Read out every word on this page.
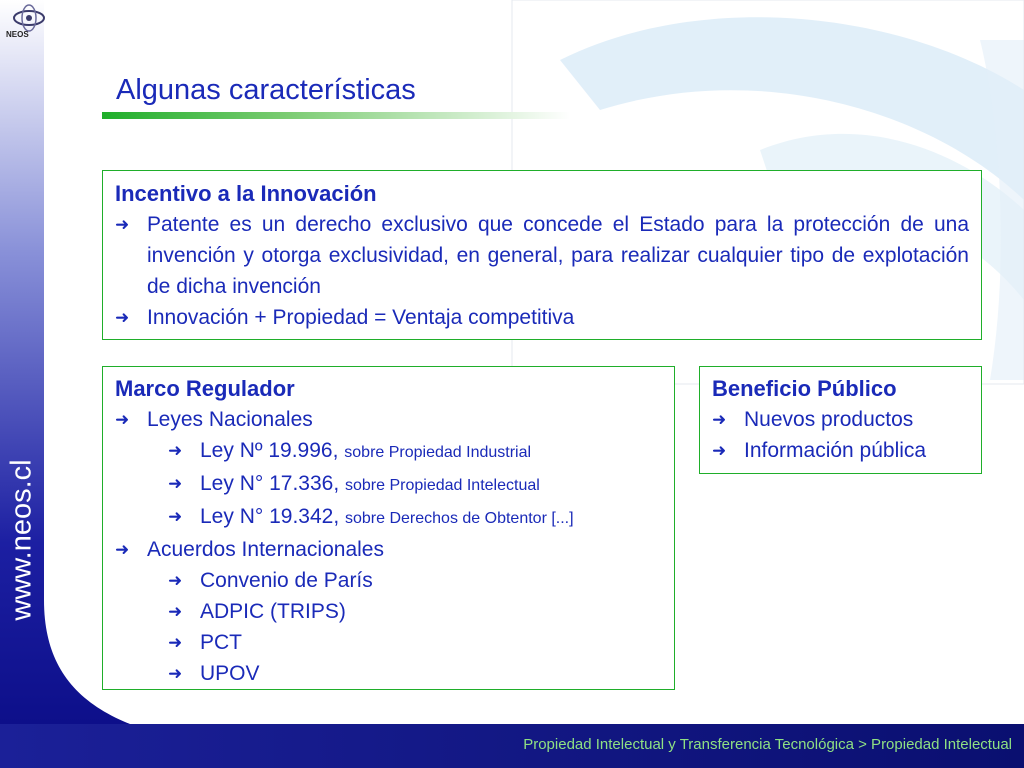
NEOS
www.neos.cl
Algunas características
Incentivo a la Innovación
➜ Patente es un derecho exclusivo que concede el Estado para la protección de una invención y otorga exclusividad, en general, para realizar cualquier tipo de explotación de dicha invención
➜ Innovación + Propiedad = Ventaja competitiva
Marco Regulador
➜ Leyes Nacionales
➜ Ley Nº 19.996, sobre Propiedad Industrial
➜ Ley N° 17.336, sobre Propiedad Intelectual
➜ Ley N° 19.342, sobre Derechos de Obtentor [...]
➜ Acuerdos Internacionales
➜ Convenio de París
➜ ADPIC (TRIPS)
➜ PCT
➜ UPOV
Beneficio Público
➜ Nuevos productos
➜ Información pública
Propiedad Intelectual y Transferencia Tecnológica > Propiedad Intelectual
